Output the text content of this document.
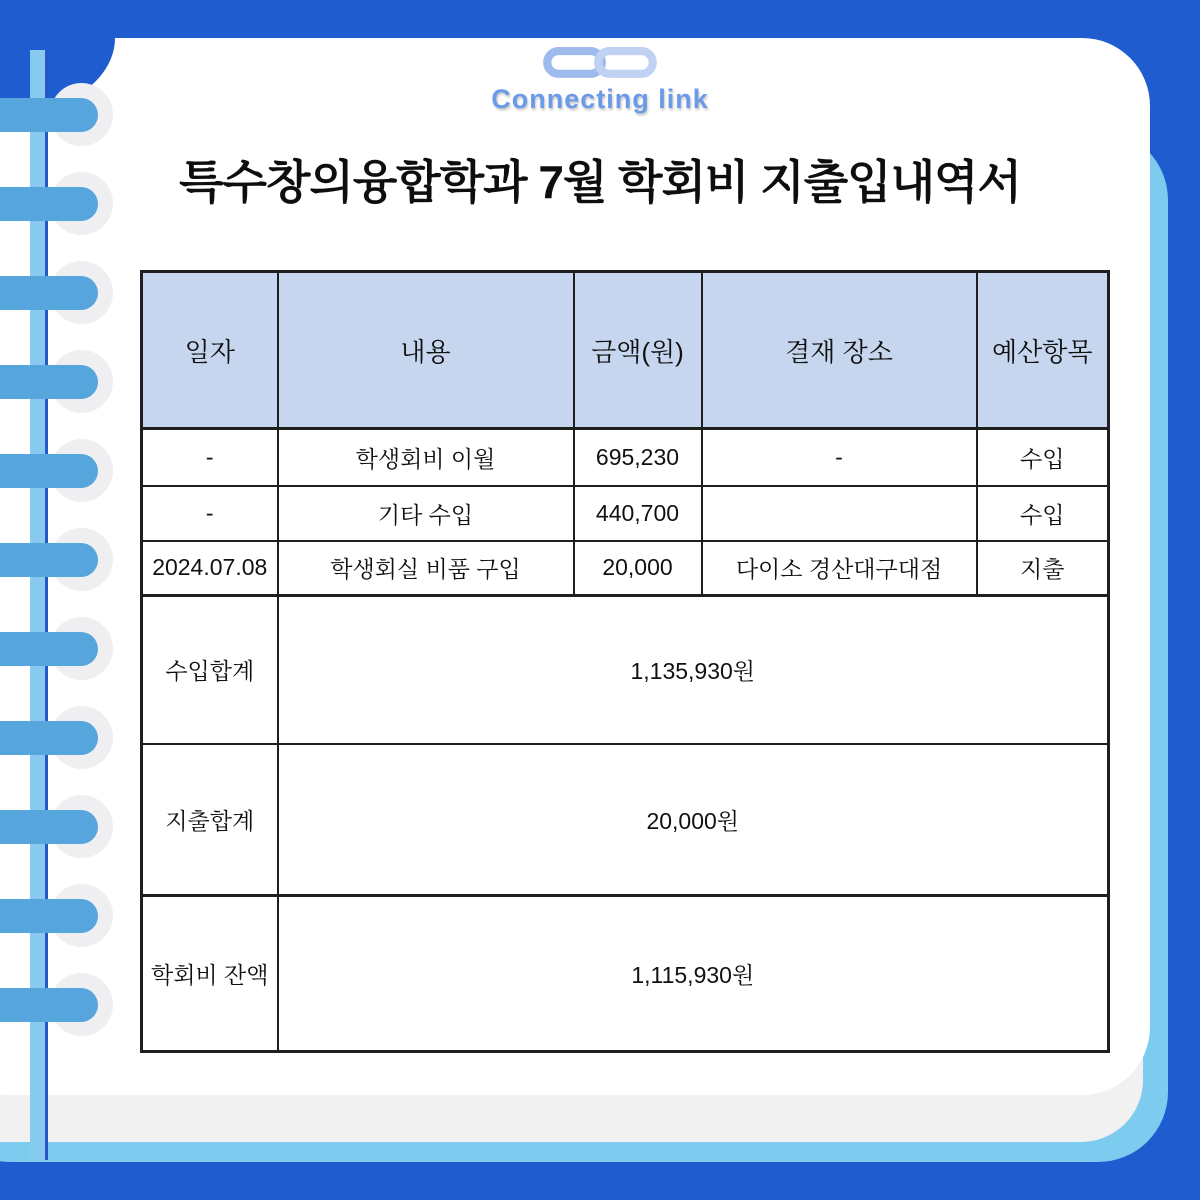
Connecting link
특수창의융합학과 7월 학회비 지출입내역서
일자	내용	금액(원)	결재 장소	예산항목
-	학생회비 이월	695,230	-	수입
-	기타 수입	440,700		수입
2024.07.08	학생회실 비품 구입	20,000	다이소 경산대구대점	지출
수입합계	1,135,930원			
지출합계	20,000원			
학회비 잔액	1,115,930원			
